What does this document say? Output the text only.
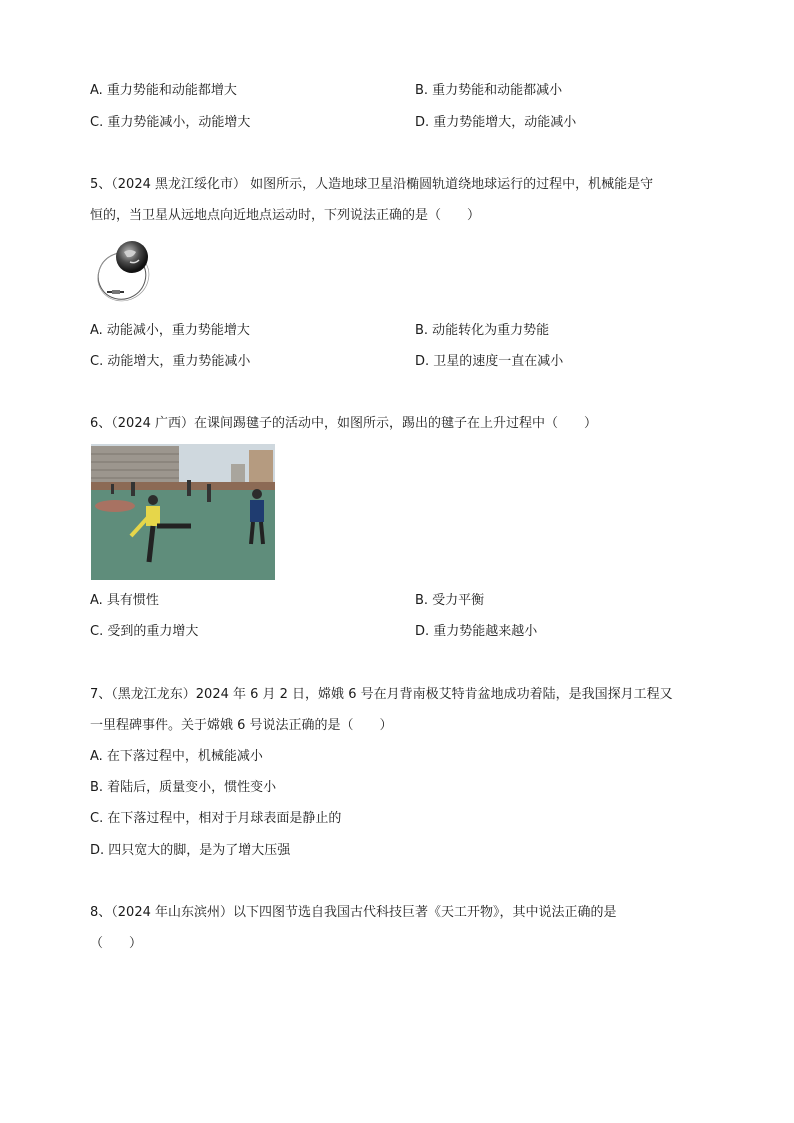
A. 重力势能和动能都增大	B. 重力势能和动能都减小
C. 重力势能减小，动能增大	D. 重力势能增大，动能减小
5、（2024 黑龙江绥化市） 如图所示，人造地球卫星沿椭圆轨道绕地球运行的过程中，机械能是守
恒的，当卫星从远地点向近地点运动时，下列说法正确的是（　　）
A. 动能减小，重力势能增大	B. 动能转化为重力势能
C. 动能增大，重力势能减小	D. 卫星的速度一直在减小
6、（2024 广西）在课间踢毽子的活动中，如图所示，踢出的毽子在上升过程中（　　）
A. 具有惯性	B. 受力平衡
C. 受到的重力增大	D. 重力势能越来越小
7、（黑龙江龙东）2024 年 6 月 2 日，嫦娥 6 号在月背南极艾特肯盆地成功着陆，是我国探月工程又
一里程碑事件。关于嫦娥 6 号说法正确的是（　　）
A. 在下落过程中，机械能减小
B. 着陆后，质量变小，惯性变小
C. 在下落过程中，相对于月球表面是静止的
D. 四只宽大的脚，是为了增大压强
8、（2024 年山东滨州）以下四图节选自我国古代科技巨著《天工开物》，其中说法正确的是
（　　）
